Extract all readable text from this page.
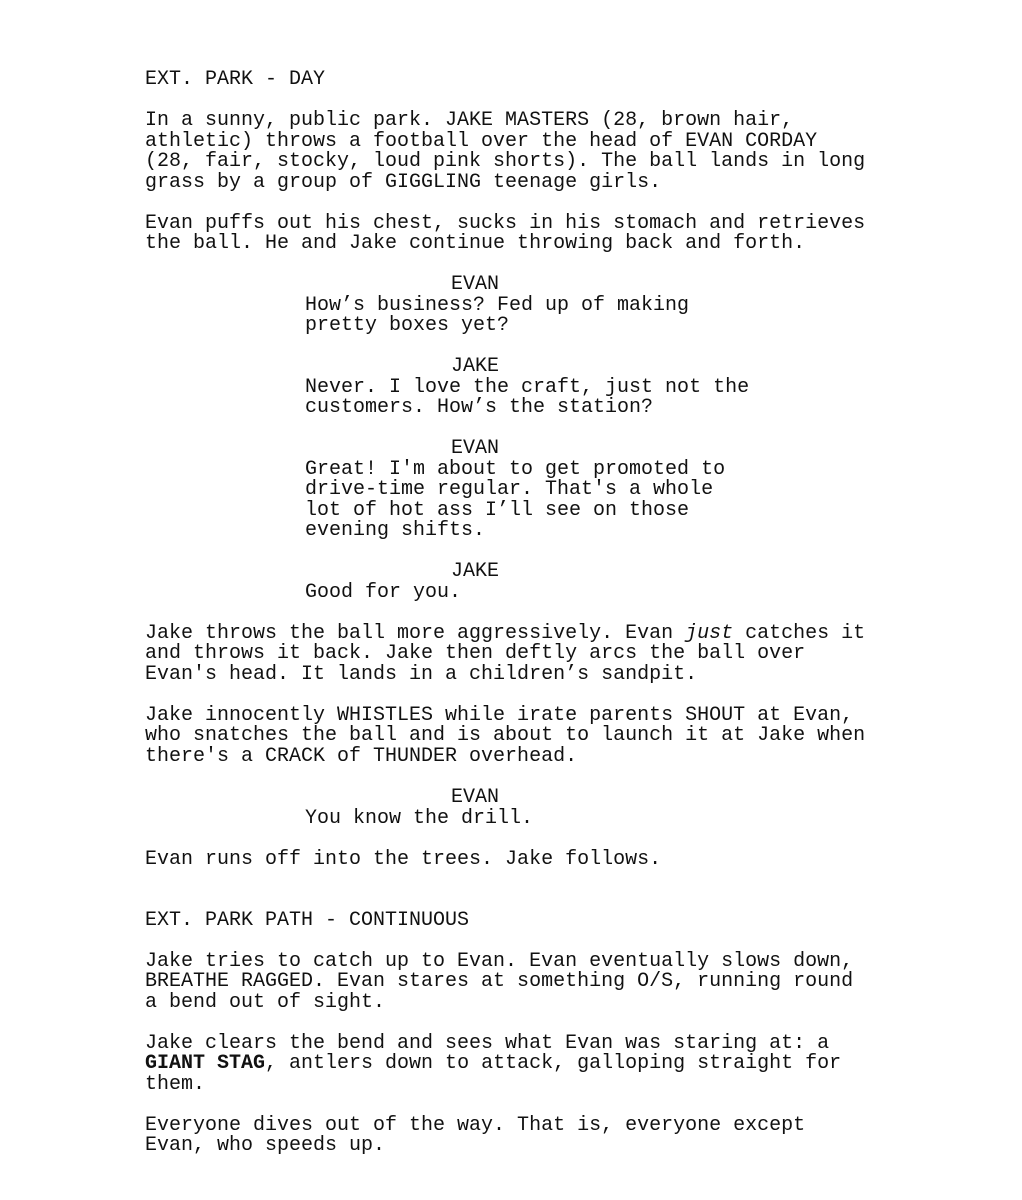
EXT. PARK - DAY
In a sunny, public park. JAKE MASTERS (28, brown hair,
athletic) throws a football over the head of EVAN CORDAY
(28, fair, stocky, loud pink shorts). The ball lands in long
grass by a group of GIGGLING teenage girls.
Evan puffs out his chest, sucks in his stomach and retrieves
the ball. He and Jake continue throwing back and forth.
EVAN
How’s business? Fed up of making
pretty boxes yet?
JAKE
Never. I love the craft, just not the
customers. How’s the station?
EVAN
Great! I'm about to get promoted to
drive-time regular. That's a whole
lot of hot ass I’ll see on those
evening shifts.
JAKE
Good for you.
Jake throws the ball more aggressively. Evan just catches it
and throws it back. Jake then deftly arcs the ball over
Evan's head. It lands in a children’s sandpit.
Jake innocently WHISTLES while irate parents SHOUT at Evan,
who snatches the ball and is about to launch it at Jake when
there's a CRACK of THUNDER overhead.
EVAN
You know the drill.
Evan runs off into the trees. Jake follows.
EXT. PARK PATH - CONTINUOUS
Jake tries to catch up to Evan. Evan eventually slows down,
BREATHE RAGGED. Evan stares at something O/S, running round
a bend out of sight.
Jake clears the bend and sees what Evan was staring at: a
GIANT STAG, antlers down to attack, galloping straight for
them.
Everyone dives out of the way. That is, everyone except
Evan, who speeds up.
